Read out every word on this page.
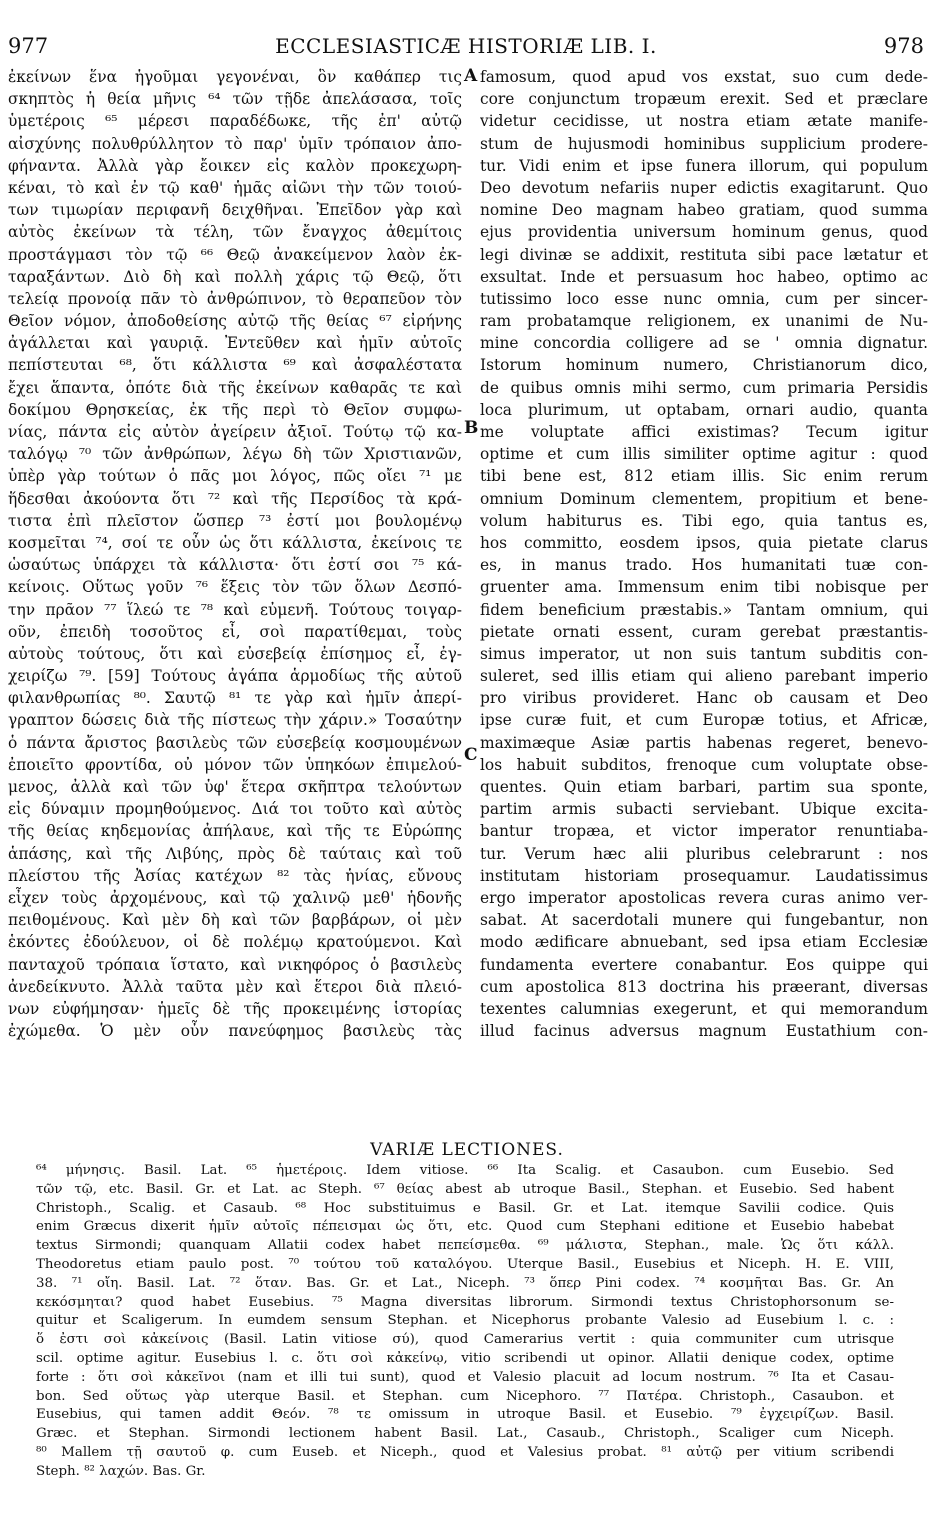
977	ECCLESIASTICÆ HISTORIÆ LIB. I.	978
ἐκείνων ἕνα ἡγοῦμαι γεγονέναι, ὃν καθάπερ τις
σκηπτὸς ἡ θεία μῆνις ⁶⁴ τῶν τῇδε ἀπελάσασα, τοῖς
ὑμετέροις ⁶⁵ μέρεσι παραδέδωκε, τῆς ἐπ' αὐτῷ
αἰσχύνης πολυθρύλλητον τὸ παρ' ὑμῖν τρόπαιον ἀπο-
φήναντα. Ἀλλὰ γὰρ ἔοικεν εἰς καλὸν προκεχωρη-
κέναι, τὸ καὶ ἐν τῷ καθ' ἡμᾶς αἰῶνι τὴν τῶν τοιού-
των τιμωρίαν περιφανῆ δειχθῆναι. Ἐπεῖδον γὰρ καὶ
αὐτὸς ἐκείνων τὰ τέλη, τῶν ἔναγχος ἀθεμίτοις
προστάγμασι τὸν τῷ ⁶⁶ Θεῷ ἀνακείμενον λαὸν ἐκ-
ταραξάντων. Διὸ δὴ καὶ πολλὴ χάρις τῷ Θεῷ, ὅτι
τελείᾳ προνοίᾳ πᾶν τὸ ἀνθρώπινον, τὸ θεραπεῦον τὸν
Θεῖον νόμον, ἀποδοθείσης αὐτῷ τῆς θείας ⁶⁷ εἰρήνης
ἀγάλλεται καὶ γαυριᾷ. Ἐντεῦθεν καὶ ἡμῖν αὐτοῖς
πεπίστευται ⁶⁸, ὅτι κάλλιστα ⁶⁹ καὶ ἀσφαλέστατα
ἔχει ἅπαντα, ὁπότε διὰ τῆς ἐκείνων καθαρᾶς τε καὶ
δοκίμου Θρησκείας, ἐκ τῆς περὶ τὸ Θεῖον συμφω-
νίας, πάντα εἰς αὐτὸν ἀγείρειν ἀξιοῖ. Τούτῳ τῷ κα-
ταλόγῳ ⁷⁰ τῶν ἀνθρώπων, λέγω δὴ τῶν Χριστιανῶν,
ὑπὲρ γὰρ τούτων ὁ πᾶς μοι λόγος, πῶς οἴει ⁷¹ με
ἥδεσθαι ἀκούοντα ὅτι ⁷² καὶ τῆς Περσίδος τὰ κρά-
τιστα ἐπὶ πλεῖστον ὥσπερ ⁷³ ἐστί μοι βουλομένῳ
κοσμεῖται ⁷⁴, σοί τε οὖν ὡς ὅτι κάλλιστα, ἐκείνοις τε
ὡσαύτως ὑπάρχει τὰ κάλλιστα· ὅτι ἐστί σοι ⁷⁵ κά-
κείνοις. Οὕτως γοῦν ⁷⁶ ἕξεις τὸν τῶν ὅλων Δεσπό-
την πρᾶον ⁷⁷ ἵλεώ τε ⁷⁸ καὶ εὐμενῆ. Τούτους τοιγαρ-
οῦν, ἐπειδὴ τοσοῦτος εἶ, σοὶ παρατίθεμαι, τοὺς
αὐτοὺς τούτους, ὅτι καὶ εὐσεβείᾳ ἐπίσημος εἶ, ἐγ-
χειρίζω ⁷⁹. [59] Τούτους ἀγάπα ἁρμοδίως τῆς αὐτοῦ
φιλανθρωπίας ⁸⁰. Σαυτῷ ⁸¹ τε γὰρ καὶ ἡμῖν ἀπερί-
γραπτον δώσεις διὰ τῆς πίστεως τὴν χάριν.» Τοσαύτην
ὁ πάντα ἄριστος βασιλεὺς τῶν εὐσεβείᾳ κοσμουμένων
ἐποιεῖτο φροντίδα, οὐ μόνον τῶν ὑπηκόων ἐπιμελού-
μενος, ἀλλὰ καὶ τῶν ὑφ' ἕτερα σκῆπτρα τελούντων
εἰς δύναμιν προμηθούμενος. Διά τοι τοῦτο καὶ αὐτὸς
τῆς θείας κηδεμονίας ἀπήλαυε, καὶ τῆς τε Εὐρώπης
ἁπάσης, καὶ τῆς Λιβύης, πρὸς δὲ ταύταις καὶ τοῦ
πλείστου τῆς Ἀσίας κατέχων ⁸² τὰς ἡνίας, εὔνους
εἶχεν τοὺς ἀρχομένους, καὶ τῷ χαλινῷ μεθ' ἡδονῆς
πειθομένους. Καὶ μὲν δὴ καὶ τῶν βαρβάρων, οἱ μὲν
ἑκόντες ἐδούλευον, οἱ δὲ πολέμῳ κρατούμενοι. Καὶ
πανταχοῦ τρόπαια ἵστατο, καὶ νικηφόρος ὁ βασιλεὺς
ἀνεδείκνυτο. Ἀλλὰ ταῦτα μὲν καὶ ἕτεροι διὰ πλειό-
νων εὐφήμησαν· ἡμεῖς δὲ τῆς προκειμένης ἱστορίας
ἐχώμεθα. Ὁ μὲν οὖν πανεύφημος βασιλεὺς τὰς
famosum, quod apud vos exstat, suo cum dede-
core conjunctum tropæum erexit. Sed et præclare
videtur cecidisse, ut nostra etiam ætate manife-
stum de hujusmodi hominibus supplicium prodere-
tur. Vidi enim et ipse funera illorum, qui populum
Deo devotum nefariis nuper edictis exagitarunt. Quo
nomine Deo magnam habeo gratiam, quod summa
ejus providentia universum hominum genus, quod
legi divinæ se addixit, restituta sibi pace lætatur et
exsultat. Inde et persuasum hoc habeo, optimo ac
tutissimo loco esse nunc omnia, cum per sincer-
ram probatamque religionem, ex unanimi de Nu-
mine concordia colligere ad se ' omnia dignatur.
Istorum hominum numero, Christianorum dico,
de quibus omnis mihi sermo, cum primaria Persidis
loca plurimum, ut optabam, ornari audio, quanta
me voluptate affici existimas? Tecum igitur
optime et cum illis similiter optime agitur : quod
tibi bene est, 812 etiam illis. Sic enim rerum
omnium Dominum clementem, propitium et bene-
volum habiturus es. Tibi ego, quia tantus es,
hos committo, eosdem ipsos, quia pietate clarus
es, in manus trado. Hos humanitati tuæ con-
gruenter ama. Immensum enim tibi nobisque per
fidem beneficium præstabis.» Tantam omnium, qui
pietate ornati essent, curam gerebat præstantis-
simus imperator, ut non suis tantum subditis con-
suleret, sed illis etiam qui alieno parebant imperio
pro viribus provideret. Hanc ob causam et Deo
ipse curæ fuit, et cum Europæ totius, et Africæ,
maximæque Asiæ partis habenas regeret, benevo-
los habuit subditos, frenoque cum voluptate obse-
quentes. Quin etiam barbari, partim sua sponte,
partim armis subacti serviebant. Ubique excita-
bantur tropæa, et victor imperator renuntiaba-
tur. Verum hæc alii pluribus celebrarunt : nos
institutam historiam prosequamur. Laudatissimus
ergo imperator apostolicas revera curas animo ver-
sabat. At sacerdotali munere qui fungebantur, non
modo ædificare abnuebant, sed ipsa etiam Ecclesiæ
fundamenta evertere conabantur. Eos quippe qui
cum apostolica 813 doctrina his præerant, diversas
texentes calumnias exegerunt, et qui memorandum
illud facinus adversus magnum Eustathium con-
A
B
C
VARIÆ LECTIONES.
⁶⁴ μήνησις. Basil. Lat. ⁶⁵ ἡμετέροις. Idem vitiose. ⁶⁶ Ita Scalig. et Casaubon. cum Eusebio. Sed
τῶν τῷ, etc. Basil. Gr. et Lat. ac Steph. ⁶⁷ θείας abest ab utroque Basil., Stephan. et Eusebio. Sed habent
Christoph., Scalig. et Casaub. ⁶⁸ Hoc substituimus e Basil. Gr. et Lat. itemque Savilii codice. Quis
enim Græcus dixerit ἡμῖν αὐτοῖς πέπεισμαι ὡς ὅτι, etc. Quod cum Stephani editione et Eusebio habebat
textus Sirmondi; quanquam Allatii codex habet πεπείσμεθα. ⁶⁹ μάλιστα, Stephan., male. Ὡς ὅτι κάλλ.
Theodoretus etiam paulo post. ⁷⁰ τούτου τοῦ καταλόγου. Uterque Basil., Eusebius et Niceph. H. E. VIII,
38. ⁷¹ οἴη. Basil. Lat. ⁷² ὅταν. Bas. Gr. et Lat., Niceph. ⁷³ ὅπερ Pini codex. ⁷⁴ κοσμῆται Bas. Gr. An
κεκόσμηται? quod habet Eusebius. ⁷⁵ Magna diversitas librorum. Sirmondi textus Christophorsonum se-
quitur et Scaligerum. In eumdem sensum Stephan. et Nicephorus probante Valesio ad Eusebium l. c. :
ὅ ἐστι σοὶ κἀκείνοις (Basil. Latin vitiose σύ), quod Camerarius vertit : quia communiter cum utrisque
scil. optime agitur. Eusebius l. c. ὅτι σοὶ κἀκείνῳ, vitio scribendi ut opinor. Allatii denique codex, optime
forte : ὅτι σοὶ κἀκεῖνοι (nam et illi tui sunt), quod et Valesio placuit ad locum nostrum. ⁷⁶ Ita et Casau-
bon. Sed οὕτως γὰρ uterque Basil. et Stephan. cum Nicephoro. ⁷⁷ Πατέρα. Christoph., Casaubon. et
Eusebius, qui tamen addit Θεόν. ⁷⁸ τε omissum in utroque Basil. et Eusebio. ⁷⁹ ἐγχειρίζων. Basil.
Græc. et Stephan. Sirmondi lectionem habent Basil. Lat., Casaub., Christoph., Scaliger cum Niceph.
⁸⁰ Mallem τῇ σαυτοῦ φ. cum Euseb. et Niceph., quod et Valesius probat. ⁸¹ αὐτῷ per vitium scribendi
Steph. ⁸² λαχών. Bas. Gr.
